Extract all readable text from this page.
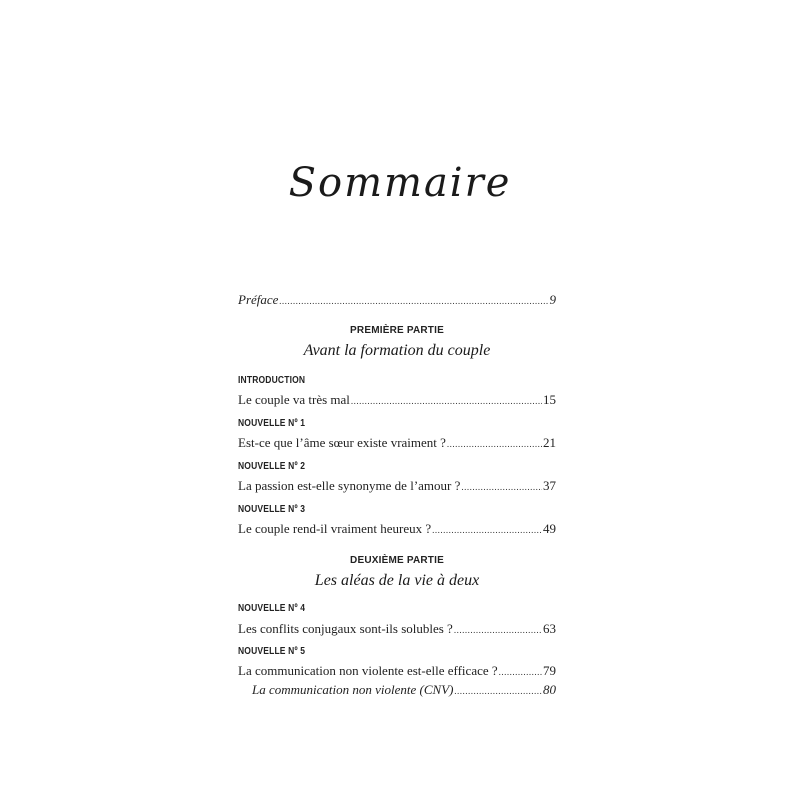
Sommaire
Préface .....	9
PREMIÈRE PARTIE
Avant la formation du couple
INTRODUCTION
Le couple va très mal .....	15
NOUVELLE Nº 1
Est-ce que l’âme sœur existe vraiment ? .....	21
NOUVELLE Nº 2
La passion est-elle synonyme de l’amour ? .....	37
NOUVELLE Nº 3
Le couple rend-il vraiment heureux ? .....	49
DEUXIÈME PARTIE
Les aléas de la vie à deux
NOUVELLE Nº 4
Les conflits conjugaux sont-ils solubles ? .....	63
NOUVELLE Nº 5
La communication non violente est-elle efficace ? .....	79
La communication non violente (CNV) .....	80
